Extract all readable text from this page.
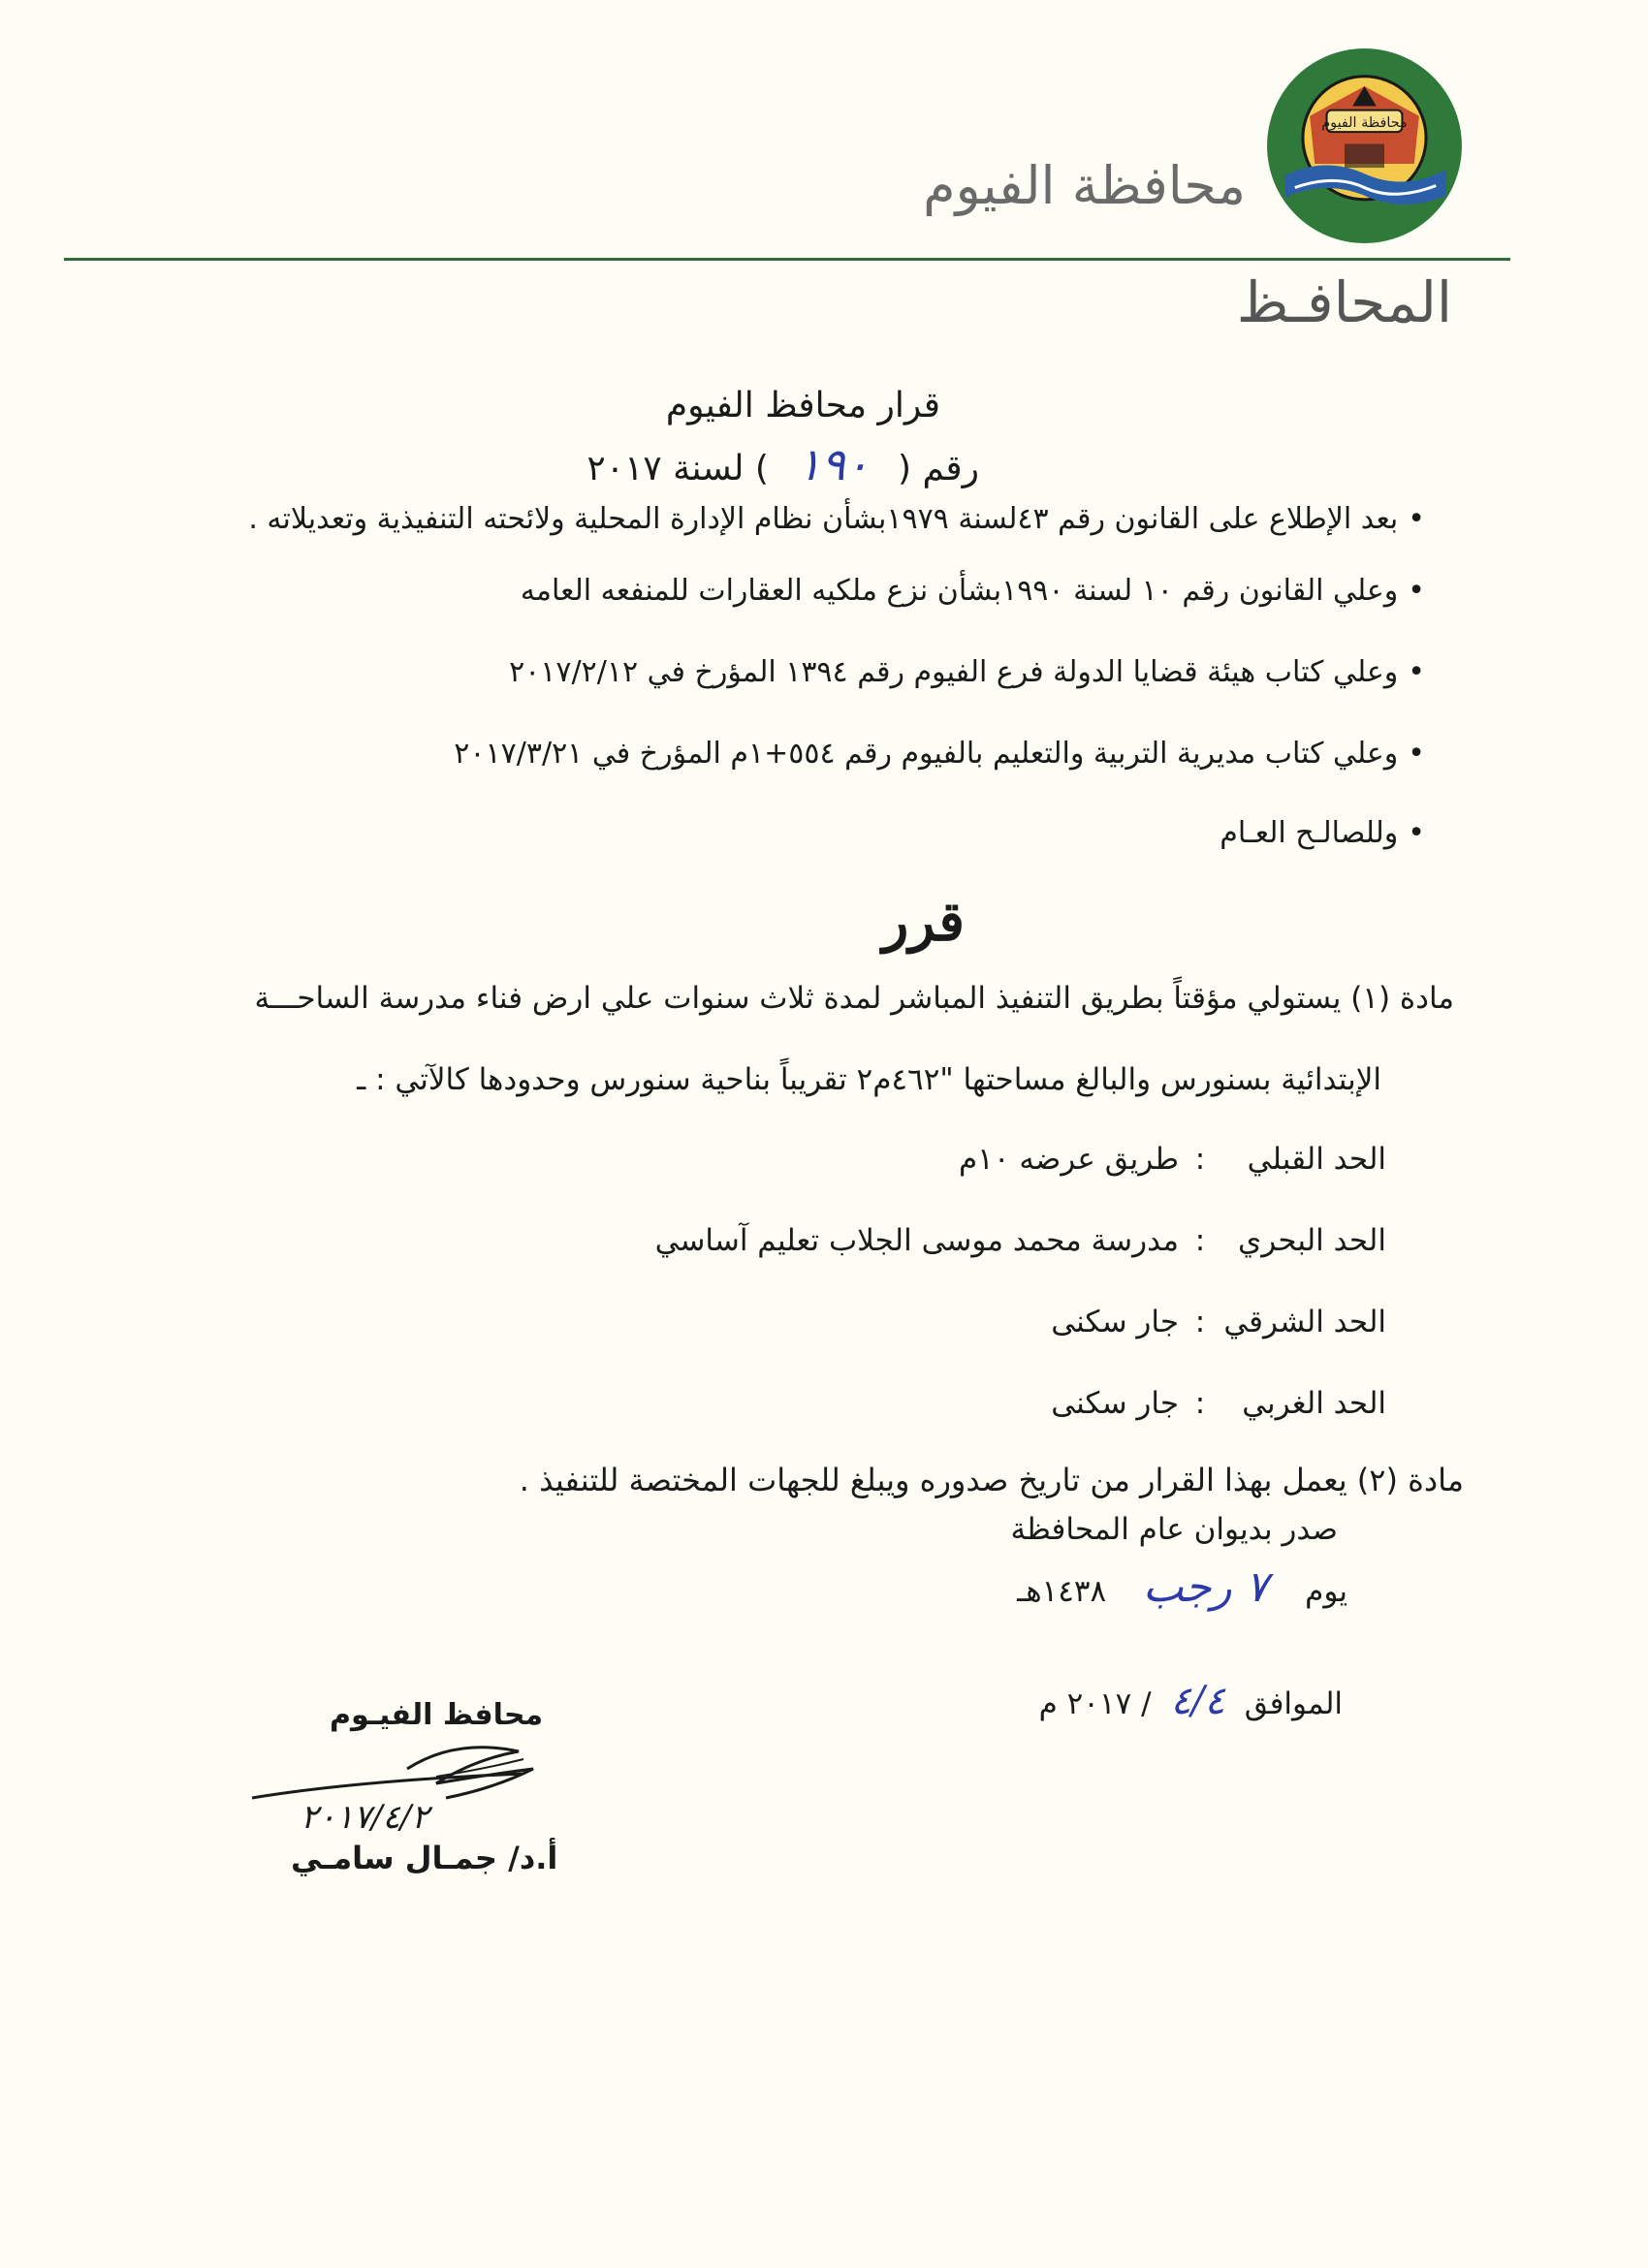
محافظة الفيوم
محافظة الفيوم
المحافـظ
قرار محافظ الفيوم
رقم ( ١٩٠ ) لسنة ٢٠١٧
•بعد الإطلاع على القانون رقم ٤٣لسنة ١٩٧٩بشأن نظام الإدارة المحلية ولائحته التنفيذية وتعديلاته .
•وعلي القانون رقم ١٠ لسنة ١٩٩٠بشأن نزع ملكيه العقارات للمنفعه العامه
•وعلي كتاب هيئة قضايا الدولة فرع الفيوم رقم ١٣٩٤ المؤرخ في ٢٠١٧/٢/١٢
•وعلي كتاب مديرية التربية والتعليم بالفيوم رقم ٥٥٤+١م المؤرخ في ٢٠١٧/٣/٢١
•وللصالـح العـام
قرر
مادة (١) يستولي مؤقتاً بطريق التنفيذ المباشر لمدة ثلاث سنوات علي ارض فناء مدرسة الساحـــة
الإبتدائية بسنورس والبالغ مساحتها "٤٦٢م٢ تقريباً بناحية سنورس وحدودها كالآتي : ـ
الحد القبلي:طريق عرضه ١٠م
الحد البحري:مدرسة محمد موسى الجلاب تعليم آساسي
الحد الشرقي:جار سكنى
الحد الغربي:جار سكنى
مادة (٢) يعمل بهذا القرار من تاريخ صدوره ويبلغ للجهات المختصة للتنفيذ .
صدر بديوان عام المحافظة
يوم ٧ رجب ١٤٣٨هـ
الموافق ٤/٤ / ٢٠١٧ م
محافظ الفيـوم
٢٠١٧/٤/٢
أ.د/ جمـال سامـي
